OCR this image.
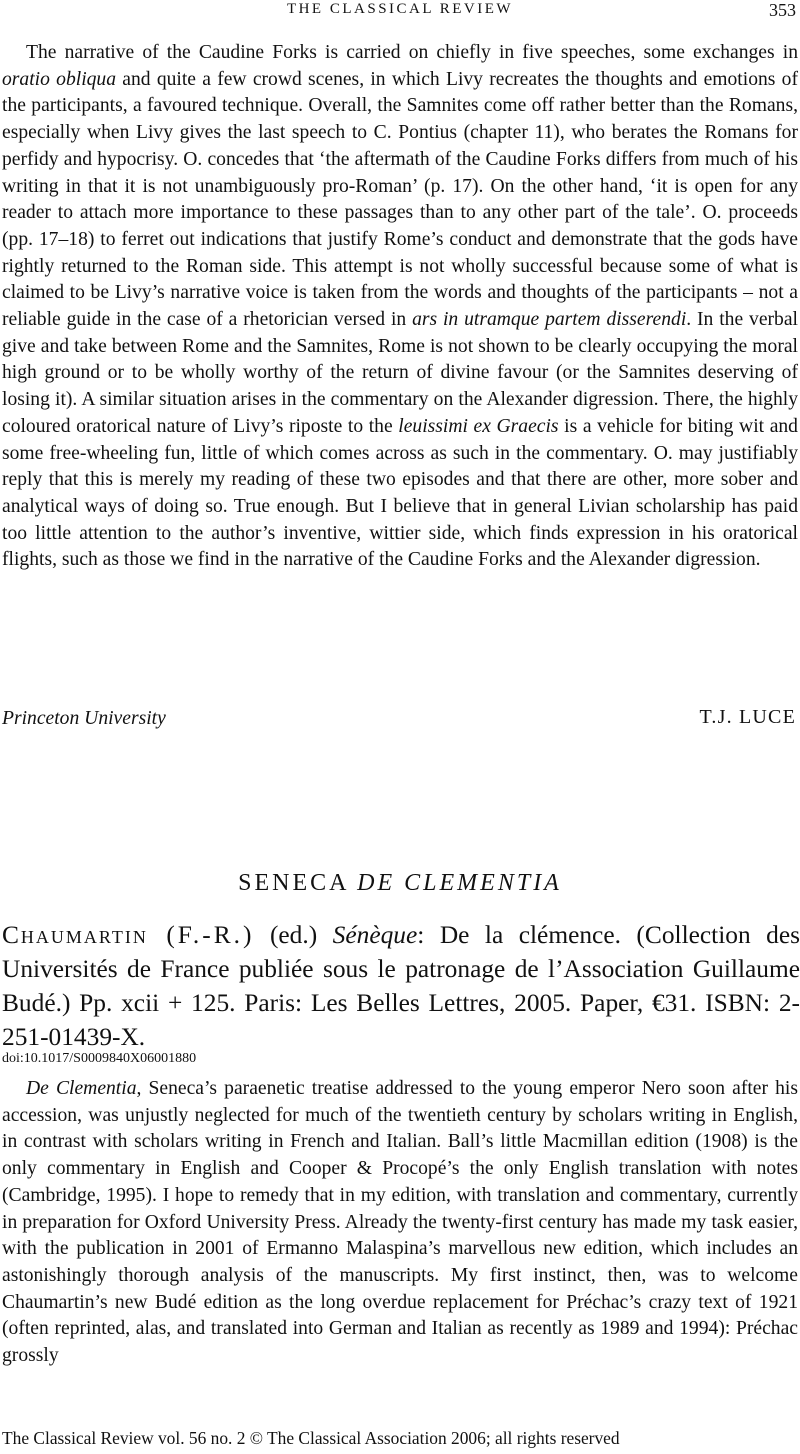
THE CLASSICAL REVIEW	353

The narrative of the Caudine Forks is carried on chiefly in five speeches, some exchanges in oratio obliqua and quite a few crowd scenes, in which Livy recreates the thoughts and emotions of the participants, a favoured technique. Overall, the Samnites come off rather better than the Romans, especially when Livy gives the last speech to C. Pontius (chapter 11), who berates the Romans for perfidy and hypocrisy. O. concedes that ‘the aftermath of the Caudine Forks differs from much of his writing in that it is not unambiguously pro-Roman’ (p. 17). On the other hand, ‘it is open for any reader to attach more importance to these passages than to any other part of the tale’. O. proceeds (pp. 17–18) to ferret out indications that justify Rome’s conduct and demonstrate that the gods have rightly returned to the Roman side. This attempt is not wholly successful because some of what is claimed to be Livy’s narrative voice is taken from the words and thoughts of the participants – not a reliable guide in the case of a rhetorician versed in ars in utramque partem disserendi. In the verbal give and take between Rome and the Samnites, Rome is not shown to be clearly occupying the moral high ground or to be wholly worthy of the return of divine favour (or the Samnites deserving of losing it). A similar situation arises in the commentary on the Alexander digression. There, the highly coloured oratorical nature of Livy’s riposte to the leuissimi ex Graecis is a vehicle for biting wit and some free-wheeling fun, little of which comes across as such in the commentary. O. may justifiably reply that this is merely my reading of these two episodes and that there are other, more sober and analytical ways of doing so. True enough. But I believe that in general Livian scholarship has paid too little attention to the author’s inventive, wittier side, which finds expression in his oratorical flights, such as those we find in the narrative of the Caudine Forks and the Alexander digression.

Princeton University	T.J. LUCE
SENECA DE CLEMENTIA

Chaumartin (F.-R.) (ed.) Sénèque: De la clémence. (Collection des Universités de France publiée sous le patronage de l’Association Guillaume Budé.) Pp. xcii + 125. Paris: Les Belles Lettres, 2005. Paper, €31. ISBN: 2-251-01439-X.

doi:10.1017/S0009840X06001880

De Clementia, Seneca’s paraenetic treatise addressed to the young emperor Nero soon after his accession, was unjustly neglected for much of the twentieth century by scholars writing in English, in contrast with scholars writing in French and Italian. Ball’s little Macmillan edition (1908) is the only commentary in English and Cooper & Procopé’s the only English translation with notes (Cambridge, 1995). I hope to remedy that in my edition, with translation and commentary, currently in preparation for Oxford University Press. Already the twenty-first century has made my task easier, with the publication in 2001 of Ermanno Malaspina’s marvellous new edition, which includes an astonishingly thorough analysis of the manuscripts. My first instinct, then, was to welcome Chaumartin’s new Budé edition as the long overdue replacement for Préchac’s crazy text of 1921 (often reprinted, alas, and translated into German and Italian as recently as 1989 and 1994): Préchac grossly

The Classical Review vol. 56 no. 2 © The Classical Association 2006; all rights reserved
